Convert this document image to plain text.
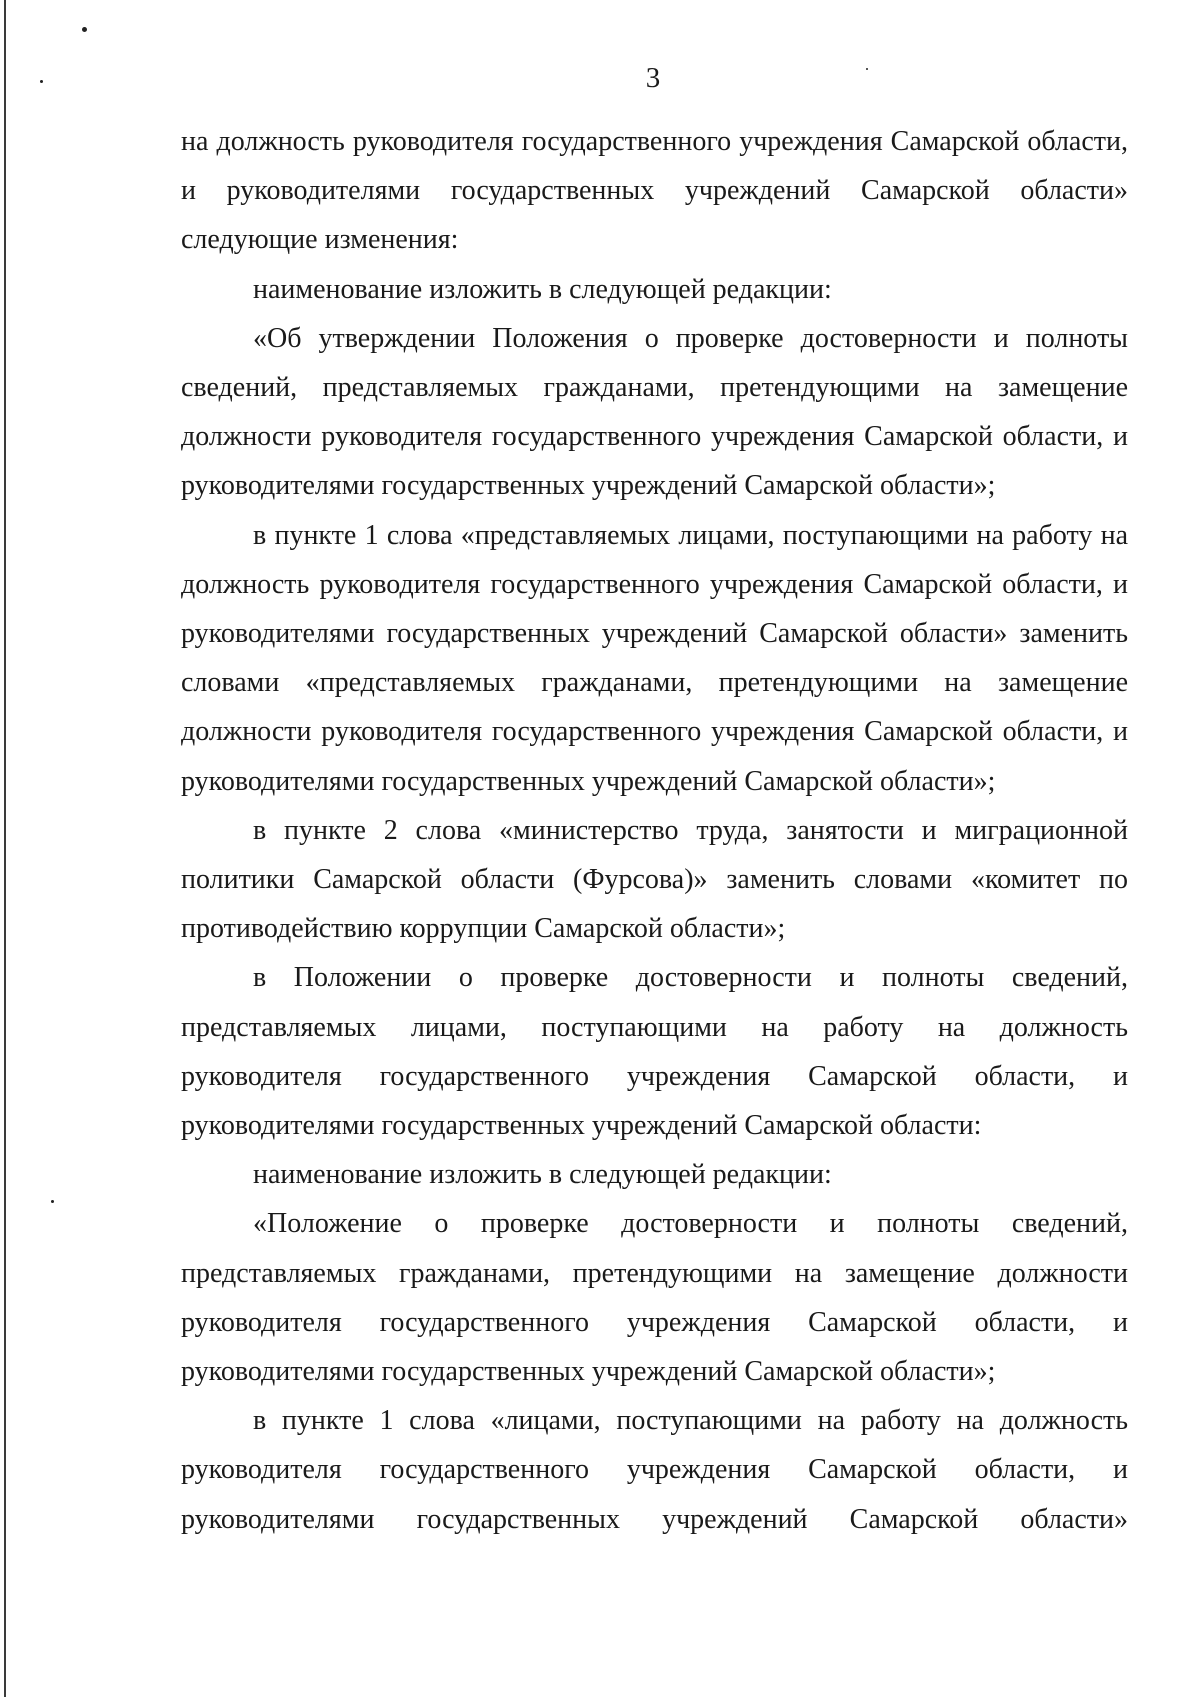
3

на должность руководителя государственного учреждения Самарской области, и руководителями государственных учреждений Самарской области» следующие изменения:

наименование изложить в следующей редакции:

«Об утверждении Положения о проверке достоверности и полноты сведений, представляемых гражданами, претендующими на замещение должности руководителя государственного учреждения Самарской области, и руководителями государственных учреждений Самарской области»;

в пункте 1 слова «представляемых лицами, поступающими на работу на должность руководителя государственного учреждения Самарской области, и руководителями государственных учреждений Самарской области» заменить словами «представляемых гражданами, претендующими на замещение должности руководителя государственного учреждения Самарской области, и руководителями государственных учреждений Самарской области»;

в пункте 2 слова «министерство труда, занятости и миграционной политики Самарской области (Фурсова)» заменить словами «комитет по противодействию коррупции Самарской области»;

в Положении о проверке достоверности и полноты сведений, представляемых лицами, поступающими на работу на должность руководителя государственного учреждения Самарской области, и руководителями государственных учреждений Самарской области:

наименование изложить в следующей редакции:

«Положение о проверке достоверности и полноты сведений, представляемых гражданами, претендующими на замещение должности руководителя государственного учреждения Самарской области, и руководителями государственных учреждений Самарской области»;

в пункте 1 слова «лицами, поступающими на работу на должность руководителя государственного учреждения Самарской области, и руководителями государственных учреждений Самарской области»
